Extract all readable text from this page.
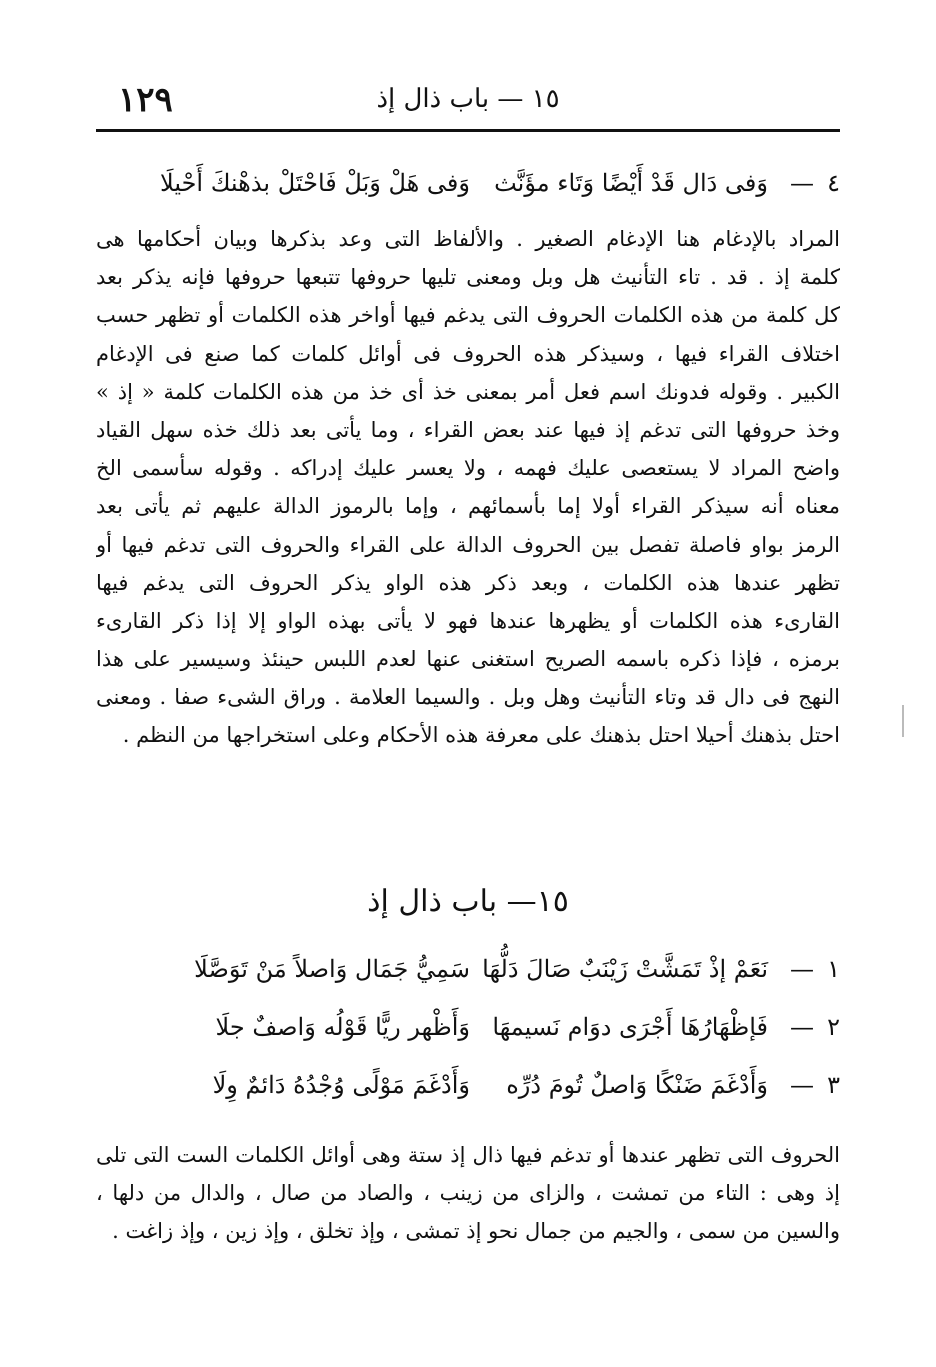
١٥ — باب ذال إذ
١٢٩
٤
—
وَفى دَال قَدْ أَيْضًا وَتَاء مؤَنَّث
وَفى هَلْ وَبَلْ فَاحْتَلْ بذهْنكَ أَحْيلَا
المراد بالإدغام هنا الإدغام الصغير . والألفاظ التى وعد بذكرها وبيان أحكامها هى
كلمة إذ . قد . تاء التأنيث هل وبل ومعنى تليها حروفها تتبعها حروفها فإنه يذكر بعد
كل كلمة من هذه الكلمات الحروف التى يدغم فيها أواخر هذه الكلمات أو تظهر حسب
اختلاف القراء فيها ، وسيذكر هذه الحروف فى أوائل كلمات كما صنع فى الإدغام
الكبير . وقوله فدونك اسم فعل أمر بمعنى خذ أى خذ من هذه الكلمات كلمة « إذ »
وخذ حروفها التى تدغم إذ فيها عند بعض القراء ، وما يأتى بعد ذلك خذه سهل القياد
واضح المراد لا يستعصى عليك فهمه ، ولا يعسر عليك إدراكه . وقوله سأسمى الخ
معناه أنه سيذكر القراء أولا إما بأسمائهم ، وإما بالرموز الدالة عليهم ثم يأتى بعد
الرمز بواو فاصلة تفصل بين الحروف الدالة على القراء والحروف التى تدغم فيها أو
تظهر عندها هذه الكلمات ، وبعد ذكر هذه الواو يذكر الحروف التى يدغم فيها
القارىء هذه الكلمات أو يظهرها عندها فهو لا يأتى بهذه الواو إلا إذا ذكر القارىء
برمزه ، فإذا ذكره باسمه الصريح استغنى عنها لعدم اللبس حينئذ وسيسير على هذا
النهج فى دال قد وتاء التأنيث وهل وبل . والسيما العلامة . وراق الشىء صفا . ومعنى
احتل بذهنك أحيلا احتل بذهنك على معرفة هذه الأحكام وعلى استخراجها من النظم .
١٥— باب ذال إذ
١
—
نَعَمْ إذْ تَمَشَّتْ زَيْنَبٌ صَالَ دَلُّهَا
سَمِيُّ جَمَال وَاصلاً مَنْ تَوَصَّلَا
٢
—
فَإظْهَارُهَا أَجْرَى دوَام نَسيمهَا
وَأَظْهر ريًّا قَوْلُه وَاصفٌ جلَا
٣
—
وَأَدْغَمَ ضَنْكًا وَاصلٌ تُومَ دُرِّه
وَأَدْغَمَ مَوْلًى وُجْدُهُ دَائمٌ وِلَا
الحروف التى تظهر عندها أو تدغم فيها ذال إذ ستة وهى أوائل الكلمات الست التى تلى
إذ وهى : التاء من تمشت ، والزاى من زينب ، والصاد من صال ، والدال من دلها ،
والسين من سمى ، والجيم من جمال نحو إذ تمشى ، وإذ تخلق ، وإذ زين ، وإذ زاغت .
